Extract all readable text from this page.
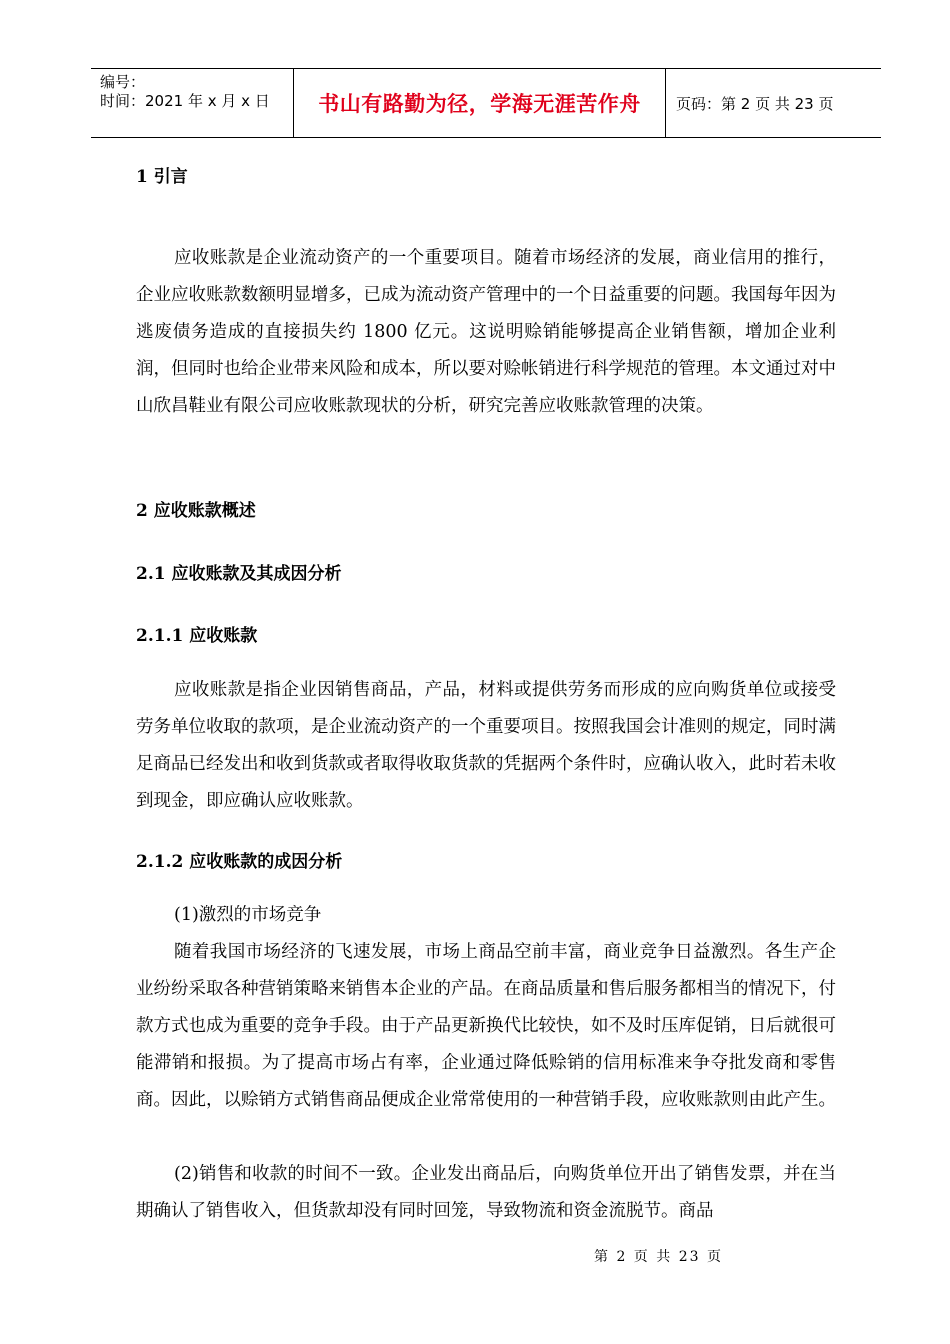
编号：
时间：2021 年 x 月 x 日	书山有路勤为径，学海无涯苦作舟 页码：第 2 页 共 23 页
1 引言
应收账款是企业流动资产的一个重要项目。随着市场经济的发展，商业信用的推行，企业应收账款数额明显增多，已成为流动资产管理中的一个日益重要的问题。我国每年因为逃废债务造成的直接损失约 1800 亿元。这说明赊销能够提高企业销售额，增加企业利润，但同时也给企业带来风险和成本，所以要对赊帐销进行科学规范的管理。本文通过对中山欣昌鞋业有限公司应收账款现状的分析，研究完善应收账款管理的决策。
2 应收账款概述
2.1 应收账款及其成因分析
2.1.1 应收账款
应收账款是指企业因销售商品，产品，材料或提供劳务而形成的应向购货单位或接受劳务单位收取的款项，是企业流动资产的一个重要项目。按照我国会计准则的规定，同时满足商品已经发出和收到货款或者取得收取货款的凭据两个条件时，应确认收入，此时若未收到现金，即应确认应收账款。
2.1.2 应收账款的成因分析
(1)激烈的市场竞争
随着我国市场经济的飞速发展，市场上商品空前丰富，商业竞争日益激烈。各生产企业纷纷采取各种营销策略来销售本企业的产品。在商品质量和售后服务都相当的情况下，付款方式也成为重要的竞争手段。由于产品更新换代比较快，如不及时压库促销，日后就很可能滞销和报损。为了提高市场占有率，企业通过降低赊销的信用标准来争夺批发商和零售商。因此，以赊销方式销售商品便成企业常常使用的一种营销手段，应收账款则由此产生。
(2)销售和收款的时间不一致。企业发出商品后，向购货单位开出了销售发票，并在当期确认了销售收入，但货款却没有同时回笼，导致物流和资金流脱节。商品
第 2 页 共 23 页
